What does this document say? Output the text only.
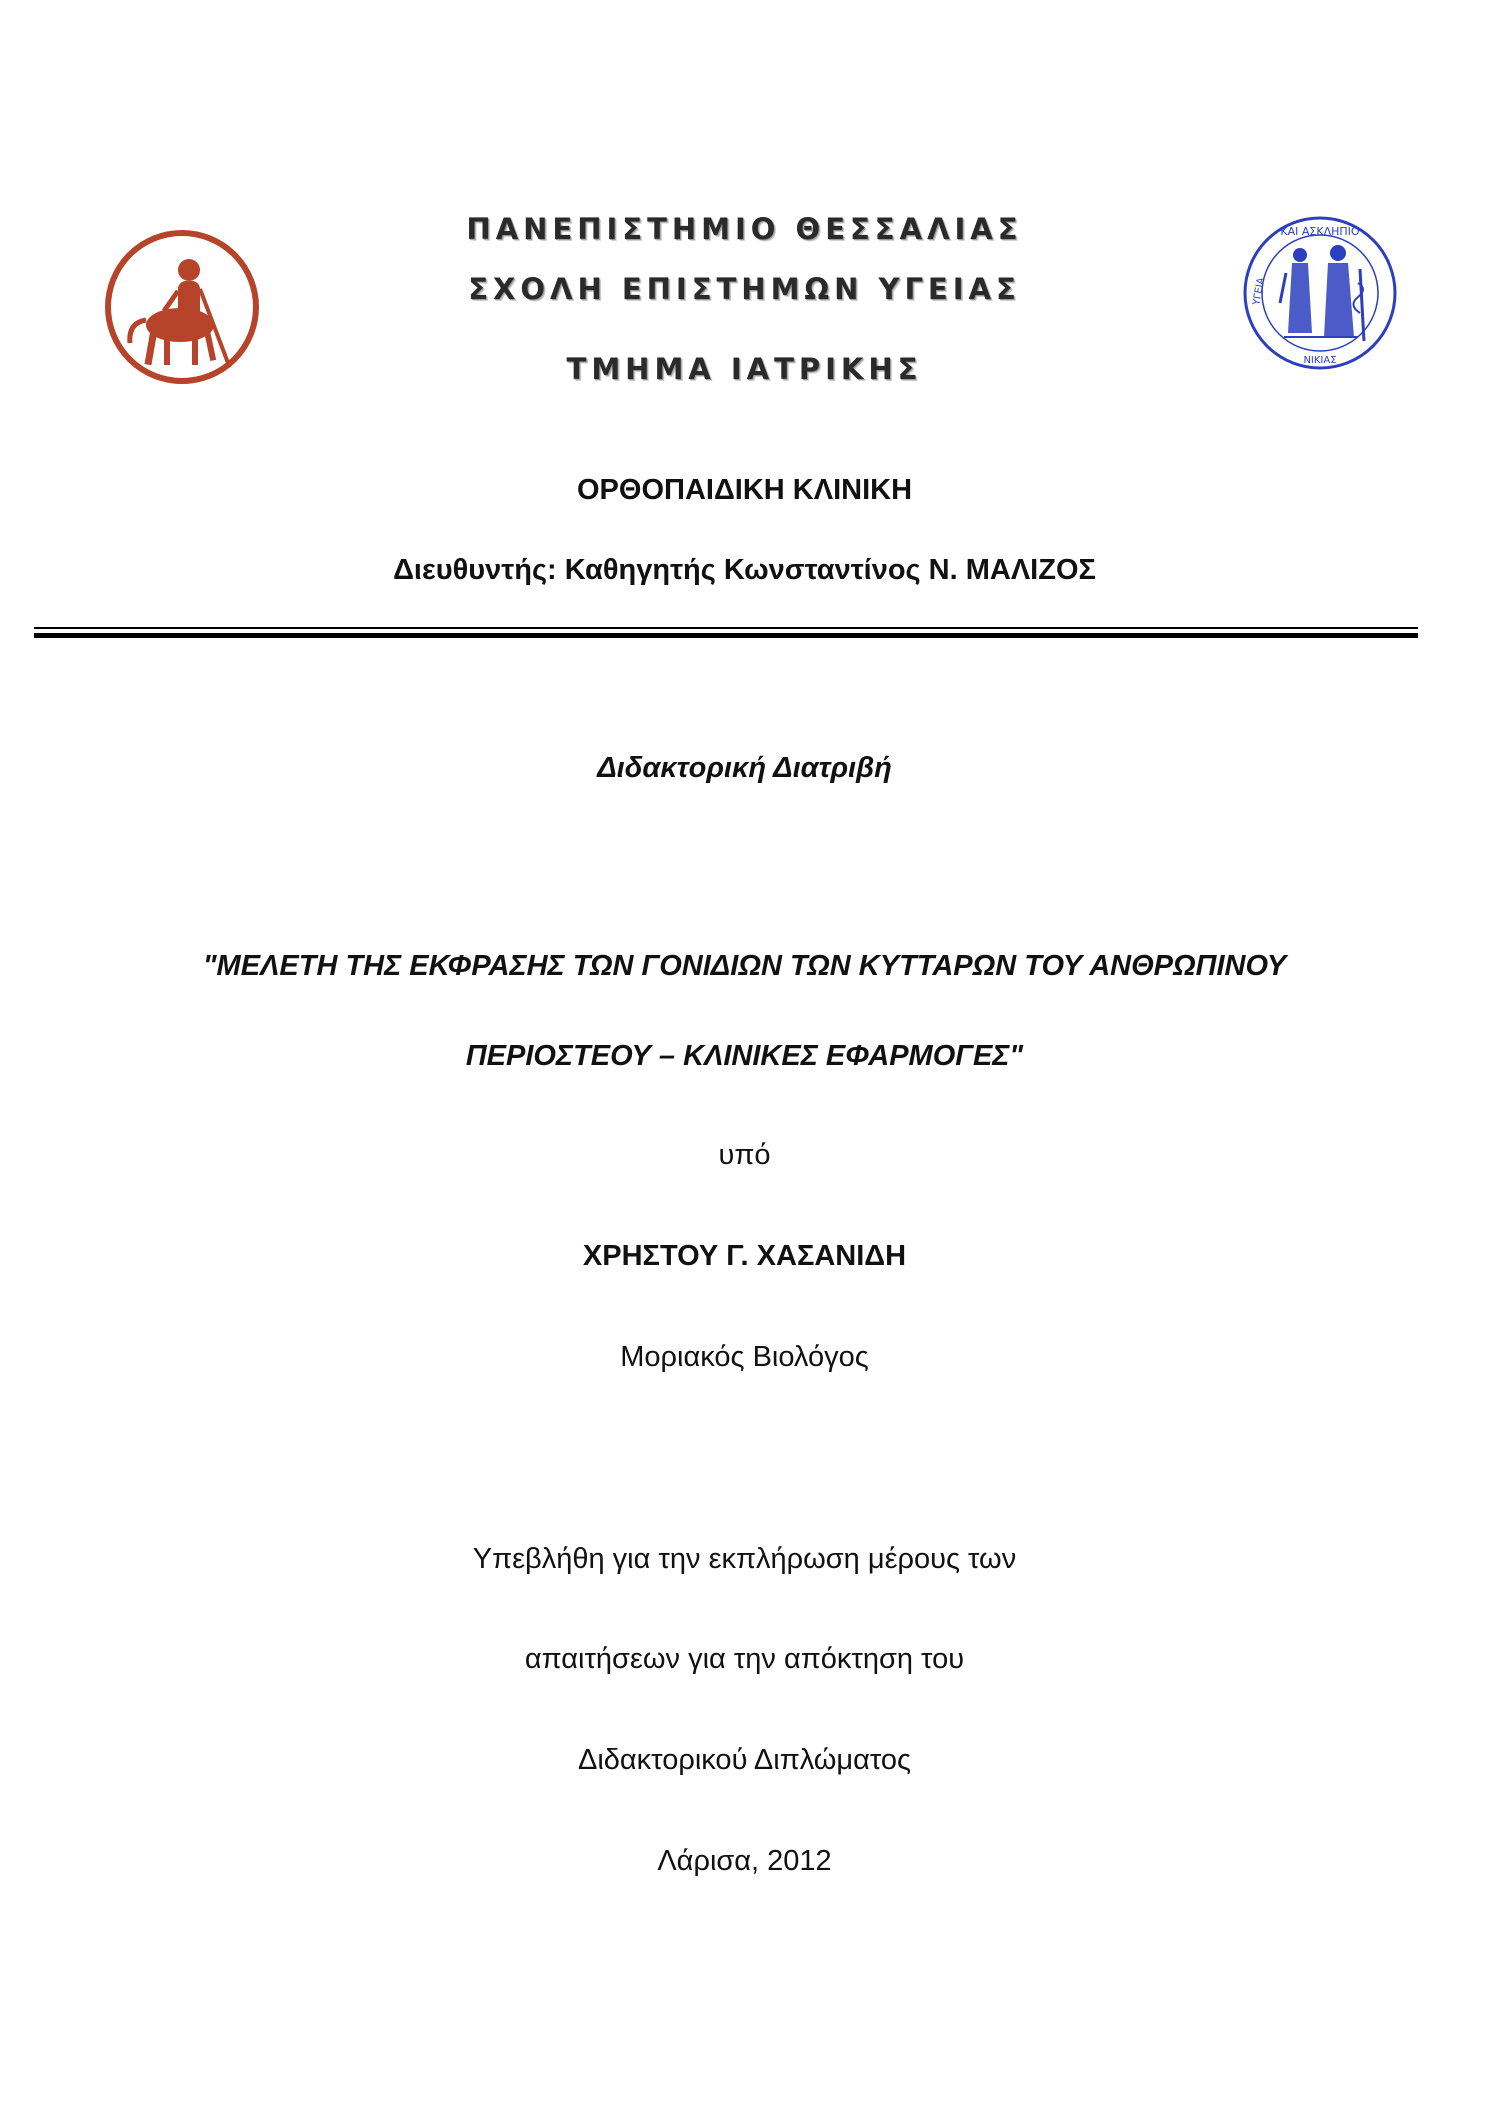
ΚΑΙ ΑΣΚΛΗΠΙΟ
ΥΓΕΙΑ
ΝΙΚΙΑΣ
ΠΑΝΕΠΙΣΤΗΜΙΟ ΘΕΣΣΑΛΙΑΣ
ΣΧΟΛΗ ΕΠΙΣΤΗΜΩΝ ΥΓΕΙΑΣ
ΤΜΗΜΑ ΙΑΤΡΙΚΗΣ
ΟΡΘΟΠΑΙΔΙΚΗ ΚΛΙΝΙΚΗ
Διευθυντής: Καθηγητής Κωνσταντίνος Ν. ΜΑΛΙΖΟΣ
Διδακτορική Διατριβή
"ΜΕΛΕΤΗ ΤΗΣ ΕΚΦΡΑΣΗΣ ΤΩΝ ΓΟΝΙΔΙΩΝ ΤΩΝ ΚΥΤΤΑΡΩΝ ΤΟΥ ΑΝΘΡΩΠΙΝΟΥ
ΠΕΡΙΟΣΤΕΟΥ – ΚΛΙΝΙΚΕΣ ΕΦΑΡΜΟΓΕΣ"
υπό
ΧΡΗΣΤΟΥ Γ. ΧΑΣΑΝΙΔΗ
Μοριακός Βιολόγος
Υπεβλήθη για την εκπλήρωση μέρους των
απαιτήσεων για την απόκτηση του
Διδακτορικού Διπλώματος
Λάρισα, 2012
